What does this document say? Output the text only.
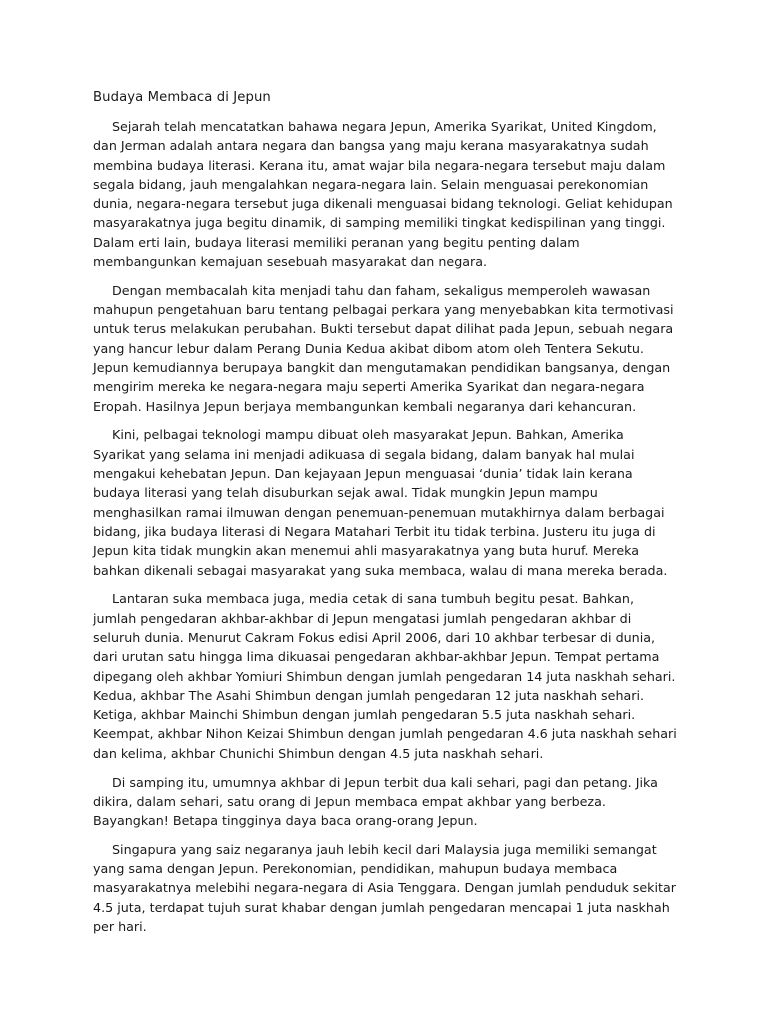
Budaya Membaca di Jepun

Sejarah telah mencatatkan bahawa negara Jepun, Amerika Syarikat, United Kingdom, dan Jerman adalah antara negara dan bangsa yang maju kerana masyarakatnya sudah membina budaya literasi. Kerana itu, amat wajar bila negara-negara tersebut maju dalam segala bidang, jauh mengalahkan negara-negara lain. Selain menguasai perekonomian dunia, negara-negara tersebut juga dikenali menguasai bidang teknologi. Geliat kehidupan masyarakatnya juga begitu dinamik, di samping memiliki tingkat kedispilinan yang tinggi. Dalam erti lain, budaya literasi memiliki peranan yang begitu penting dalam membangunkan kemajuan sesebuah masyarakat dan negara.

Dengan membacalah kita menjadi tahu dan faham, sekaligus memperoleh wawasan mahupun pengetahuan baru tentang pelbagai perkara yang menyebabkan kita termotivasi untuk terus melakukan perubahan. Bukti tersebut dapat dilihat pada Jepun, sebuah negara yang hancur lebur dalam Perang Dunia Kedua akibat dibom atom oleh Tentera Sekutu. Jepun kemudiannya berupaya bangkit dan mengutamakan pendidikan bangsanya, dengan mengirim mereka ke negara-negara maju seperti Amerika Syarikat dan negara-negara Eropah. Hasilnya Jepun berjaya membangunkan kembali negaranya dari kehancuran.

Kini, pelbagai teknologi mampu dibuat oleh masyarakat Jepun. Bahkan, Amerika Syarikat yang selama ini menjadi adikuasa di segala bidang, dalam banyak hal mulai mengakui kehebatan Jepun. Dan kejayaan Jepun menguasai ‘dunia’ tidak lain kerana budaya literasi yang telah disuburkan sejak awal. Tidak mungkin Jepun mampu menghasilkan ramai ilmuwan dengan penemuan-penemuan mutakhirnya dalam berbagai bidang, jika budaya literasi di Negara Matahari Terbit itu tidak terbina. Justeru itu juga di Jepun kita tidak mungkin akan menemui ahli masyarakatnya yang buta huruf. Mereka bahkan dikenali sebagai masyarakat yang suka membaca, walau di mana mereka berada.

Lantaran suka membaca juga, media cetak di sana tumbuh begitu pesat. Bahkan, jumlah pengedaran akhbar-akhbar di Jepun mengatasi jumlah pengedaran akhbar di seluruh dunia. Menurut Cakram Fokus edisi April 2006, dari 10 akhbar terbesar di dunia, dari urutan satu hingga lima dikuasai pengedaran akhbar-akhbar Jepun. Tempat pertama dipegang oleh akhbar Yomiuri Shimbun dengan jumlah pengedaran 14 juta naskhah sehari. Kedua, akhbar The Asahi Shimbun dengan jumlah pengedaran 12 juta naskhah sehari. Ketiga, akhbar Mainchi Shimbun dengan jumlah pengedaran 5.5 juta naskhah sehari. Keempat, akhbar Nihon Keizai Shimbun dengan jumlah pengedaran 4.6 juta naskhah sehari dan kelima, akhbar Chunichi Shimbun dengan 4.5 juta naskhah sehari.

Di samping itu, umumnya akhbar di Jepun terbit dua kali sehari, pagi dan petang. Jika dikira, dalam sehari, satu orang di Jepun membaca empat akhbar yang berbeza. Bayangkan! Betapa tingginya daya baca orang-orang Jepun.

Singapura yang saiz negaranya jauh lebih kecil dari Malaysia juga memiliki semangat yang sama dengan Jepun. Perekonomian, pendidikan, mahupun budaya membaca masyarakatnya melebihi negara-negara di Asia Tenggara. Dengan jumlah penduduk sekitar 4.5 juta, terdapat tujuh surat khabar dengan jumlah pengedaran mencapai 1 juta naskhah per hari.
